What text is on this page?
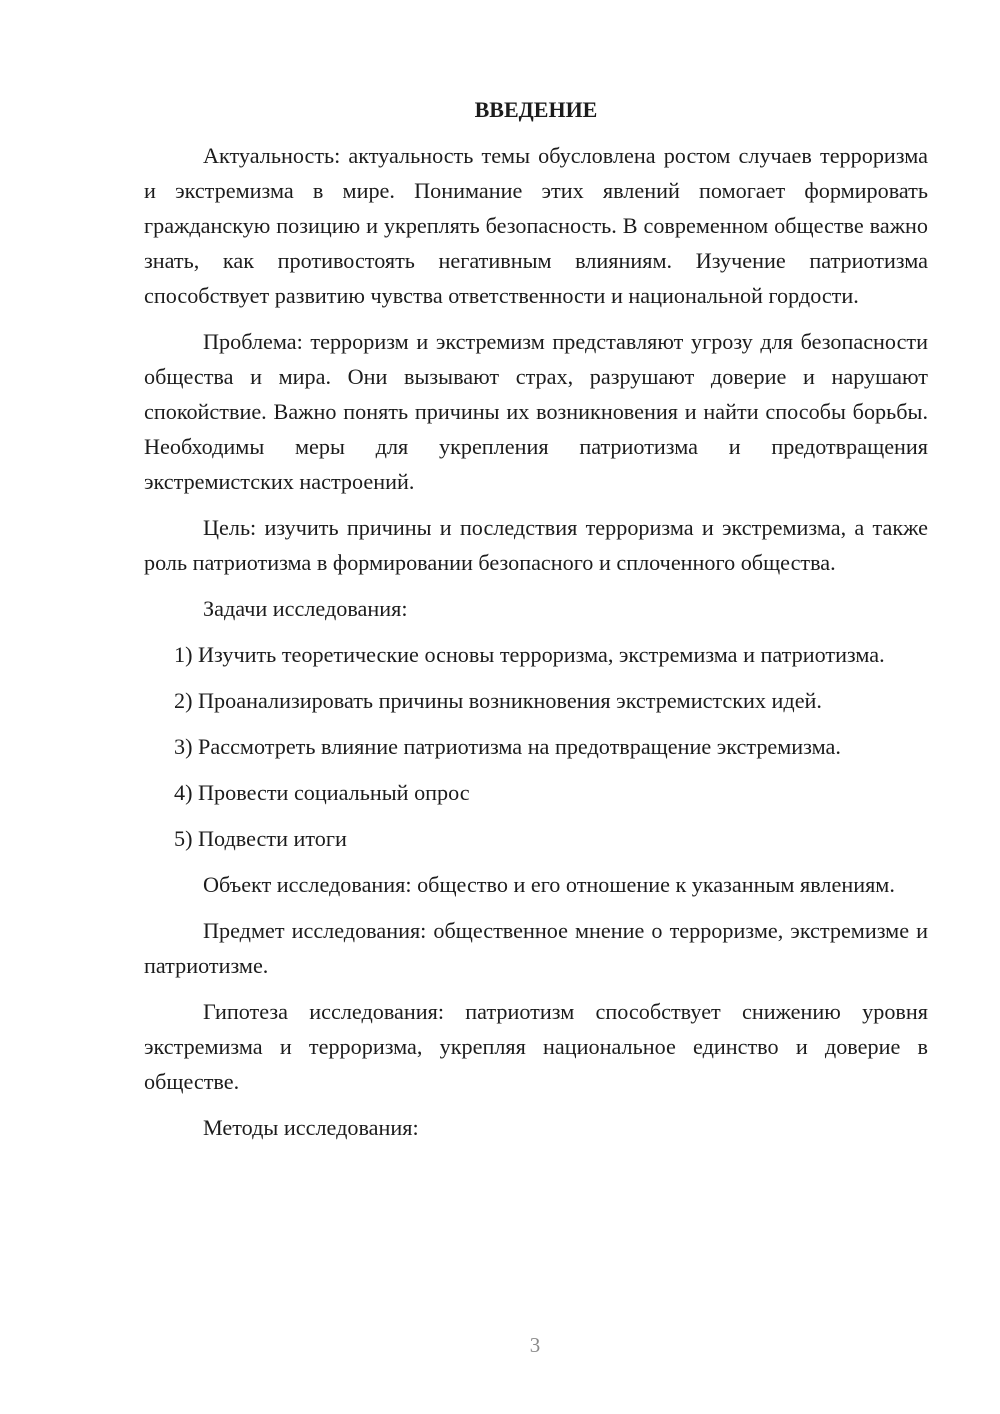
ВВЕДЕНИЕ

Актуальность: актуальность темы обусловлена ростом случаев терроризма и экстремизма в мире. Понимание этих явлений помогает формировать гражданскую позицию и укреплять безопасность. В современном обществе важно знать, как противостоять негативным влияниям. Изучение патриотизма способствует развитию чувства ответственности и национальной гордости.

Проблема: терроризм и экстремизм представляют угрозу для безопасности общества и мира. Они вызывают страх, разрушают доверие и нарушают спокойствие. Важно понять причины их возникновения и найти способы борьбы. Необходимы меры для укрепления патриотизма и предотвращения экстремистских настроений.

Цель: изучить причины и последствия терроризма и экстремизма, а также роль патриотизма в формировании безопасного и сплоченного общества.

Задачи исследования:

1) Изучить теоретические основы терроризма, экстремизма и патриотизма.

2) Проанализировать причины возникновения экстремистских идей.

3) Рассмотреть влияние патриотизма на предотвращение экстремизма.

4) Провести социальный опрос

5) Подвести итоги

Объект исследования: общество и его отношение к указанным явлениям.

Предмет исследования: общественное мнение о терроризме, экстремизме и патриотизме.

Гипотеза исследования: патриотизм способствует снижению уровня экстремизма и терроризма, укрепляя национальное единство и доверие в обществе.

Методы исследования:

3
